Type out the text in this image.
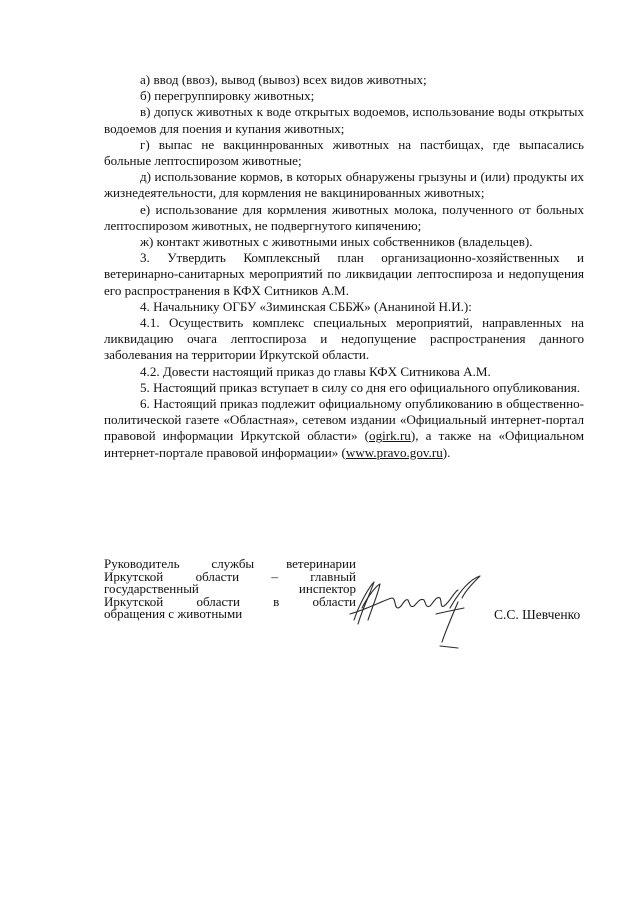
а) ввод (ввоз), вывод (вывоз) всех видов животных;

б) перегруппировку животных;

в) допуск животных к воде открытых водоемов, использование воды открытых водоемов для поения и купания животных;

г) выпас не вакциннрованных животных на пастбищах, где выпасались больные лептоспирозом животные;

д) использование кормов, в которых обнаружены грызуны и (или) продукты их жизнедеятельности, для кормления не вакцинированных животных;

е) использование для кормления животных молока, полученного от больных лептоспирозом животных, не подвергнутого кипячению;

ж) контакт животных с животными иных собственников (владельцев).

3. Утвердить Комплексный план организационно-хозяйственных и ветеринарно-санитарных мероприятий по ликвидации лептоспироза и недопущения его распространения в КФХ Ситников А.М.

4. Начальнику ОГБУ «Зиминская СББЖ» (Ананиной Н.И.):

4.1. Осуществить комплекс специальных мероприятий, направленных на ликвидацию очага лептоспироза и недопущение распространения данного заболевания на территории Иркутской области.

4.2. Довести настоящий приказ до главы КФХ Ситникова А.М.

5. Настоящий приказ вступает в силу со дня его официального опубликования.

6. Настоящий приказ подлежит официальному опубликованию в общественно-политической газете «Областная», сетевом издании «Официальный интернет-портал правовой информации Иркутской области» (ogirk.ru), а также на «Официальном интернет-портале правовой информации» (www.pravo.gov.ru).

Руководитель службы ветеринарии
Иркутской области – главный
государственный	инспектор
Иркутской	области	в	области
обращения с животными	С.С. Шевченко
